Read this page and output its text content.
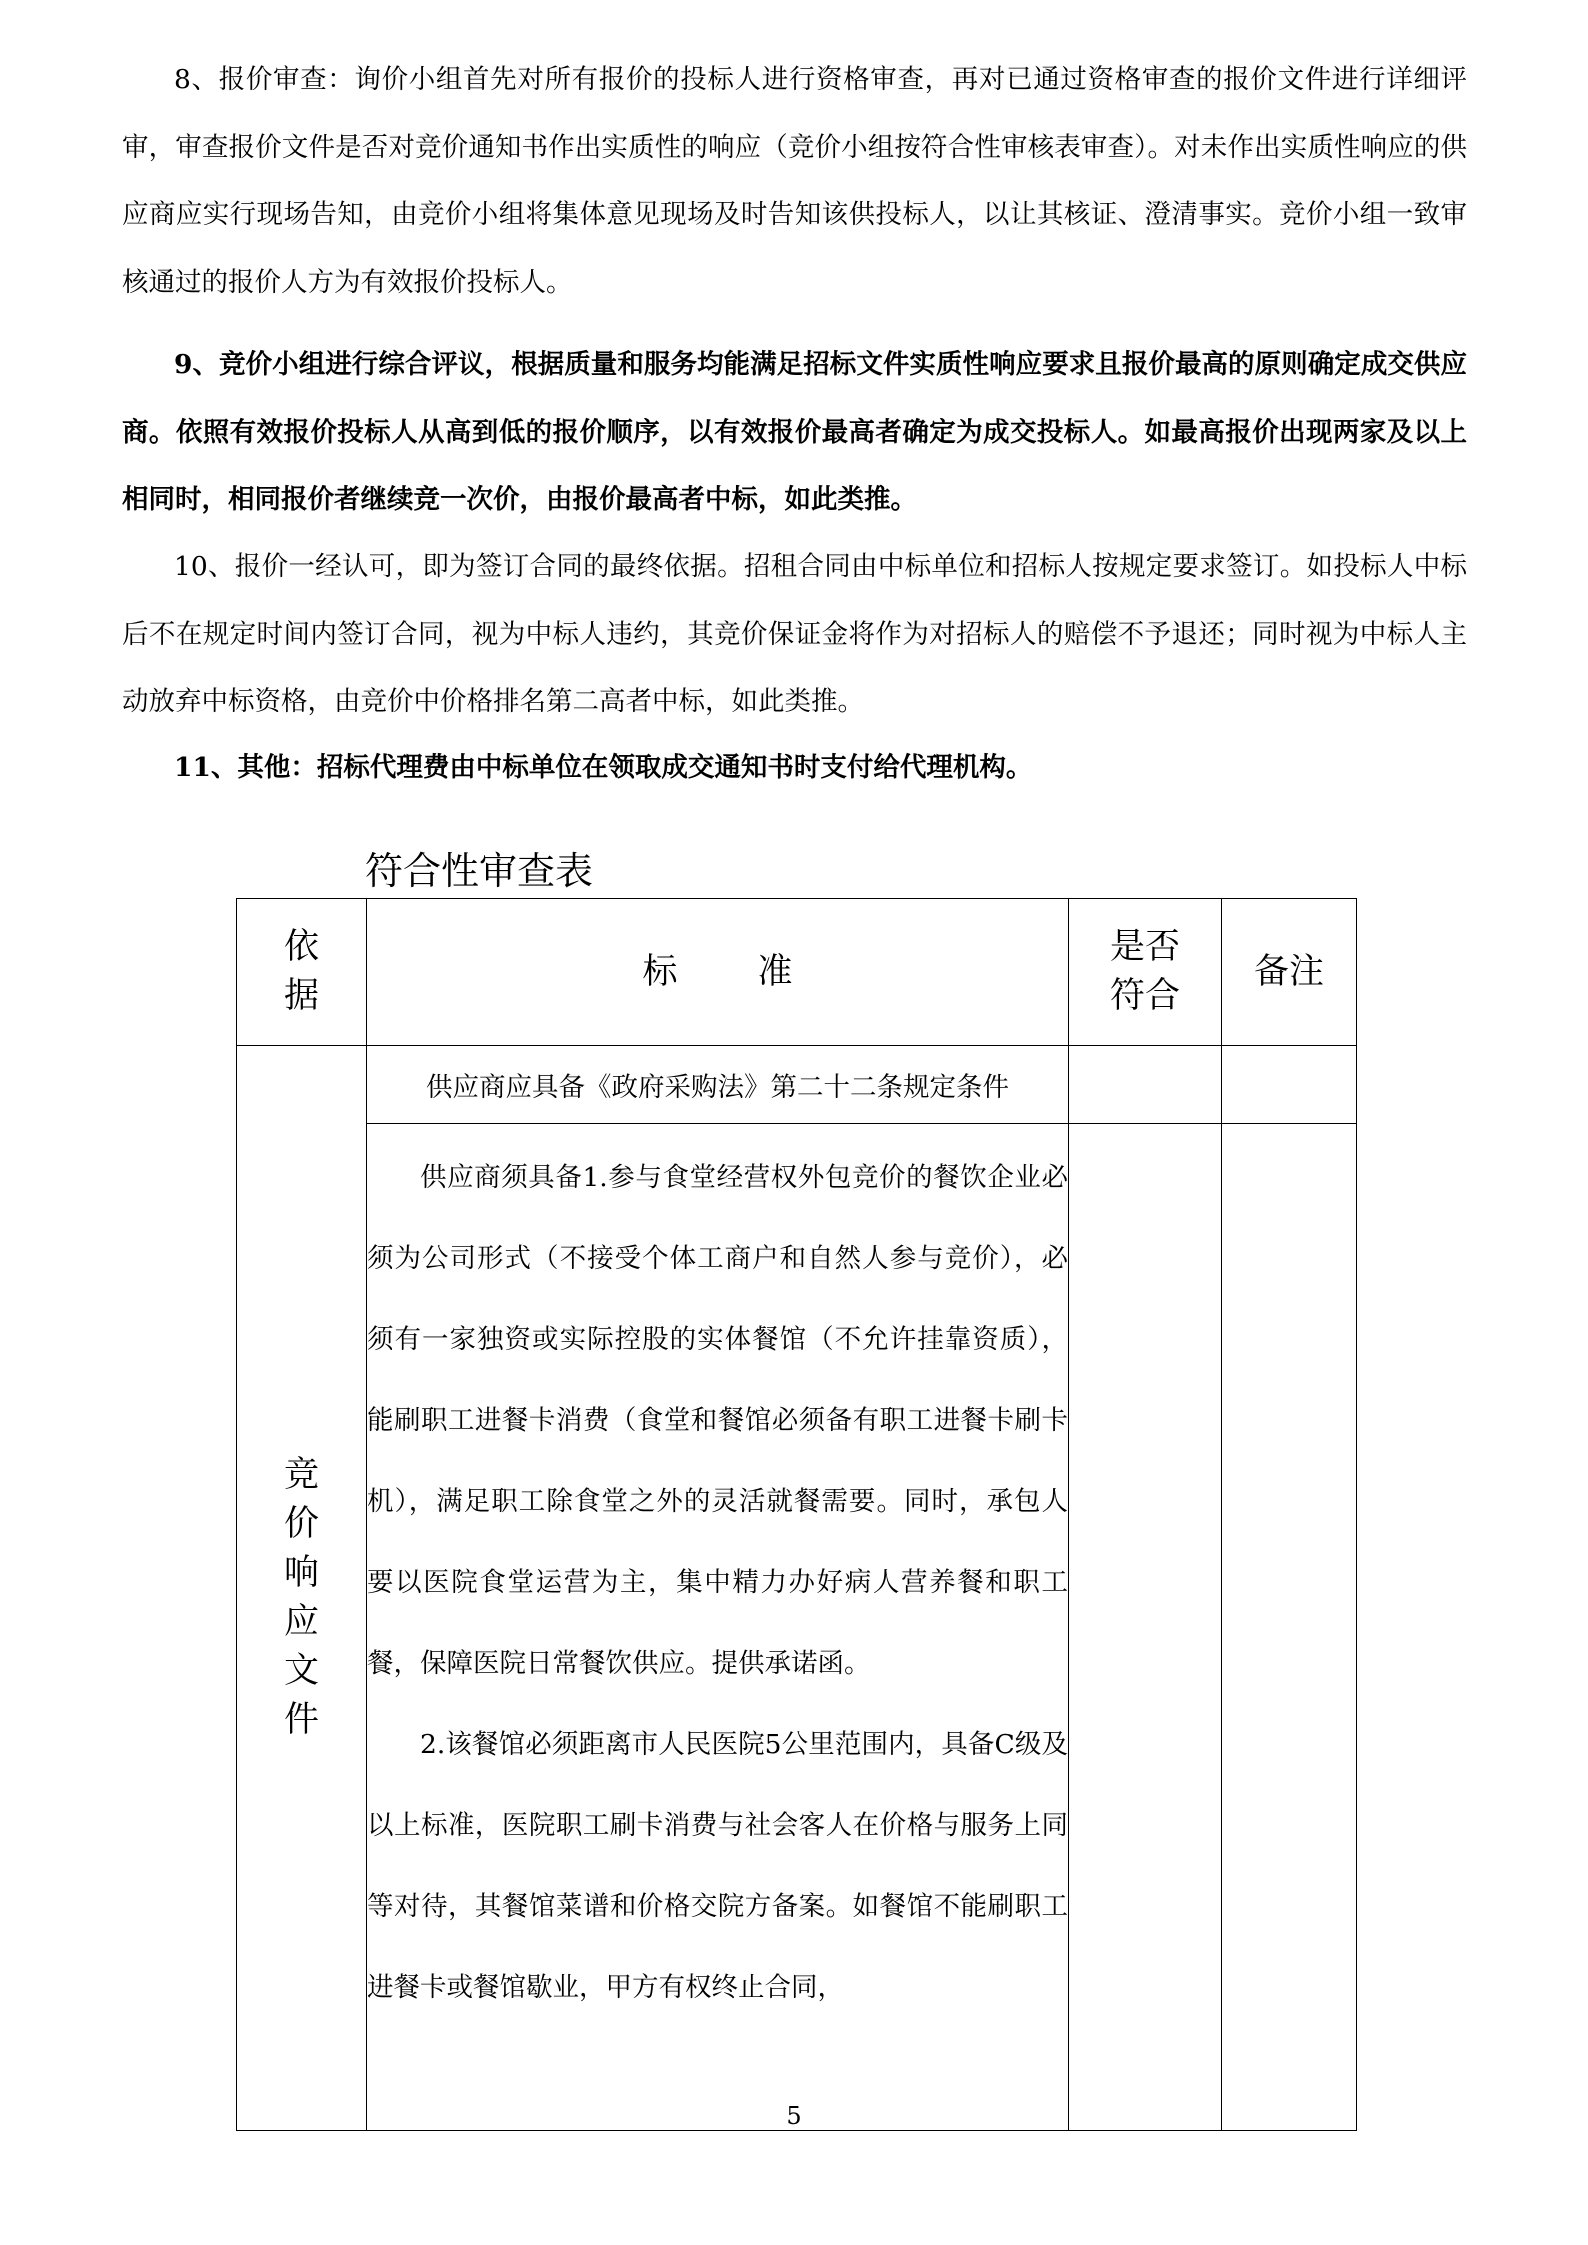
8、报价审查：询价小组首先对所有报价的投标人进行资格审查，再对已通过资格审查的报价文件进行详细评审，审查报价文件是否对竞价通知书作出实质性的响应（竞价小组按符合性审核表审查）。对未作出实质性响应的供应商应实行现场告知，由竞价小组将集体意见现场及时告知该供投标人，以让其核证、澄清事实。竞价小组一致审核通过的报价人方为有效报价投标人。

9、竞价小组进行综合评议，根据质量和服务均能满足招标文件实质性响应要求且报价最高的原则确定成交供应商。依照有效报价投标人从高到低的报价顺序，以有效报价最高者确定为成交投标人。如最高报价出现两家及以上相同时，相同报价者继续竞一次价，由报价最高者中标，如此类推。

10、报价一经认可，即为签订合同的最终依据。招租合同由中标单位和招标人按规定要求签订。如投标人中标后不在规定时间内签订合同，视为中标人违约，其竞价保证金将作为对招标人的赔偿不予退还；同时视为中标人主动放弃中标资格，由竞价中价格排名第二高者中标，如此类推。

11、其他：招标代理费由中标单位在领取成交通知书时支付给代理机构。

符合性审查表
依据	标准	是否符合	备注

竞价响应文件	供应商应具备《政府采购法》第二十二条规定条件		

	供应商须具备1.参与食堂经营权外包竞价的餐饮企业必须为公司形式（不接受个体工商户和自然人参与竞价），必须有一家独资或实际控股的实体餐馆（不允许挂靠资质），能刷职工进餐卡消费（食堂和餐馆必须备有职工进餐卡刷卡机），满足职工除食堂之外的灵活就餐需要。同时，承包人要以医院食堂运营为主，集中精力办好病人营养餐和职工餐，保障医院日常餐饮供应。提供承诺函。

2.该餐馆必须距离市人民医院5公里范围内，具备C级及以上标准，医院职工刷卡消费与社会客人在价格与服务上同等对待，其餐馆菜谱和价格交院方备案。如餐馆不能刷职工进餐卡或餐馆歇业，甲方有权终止合同，		

5
